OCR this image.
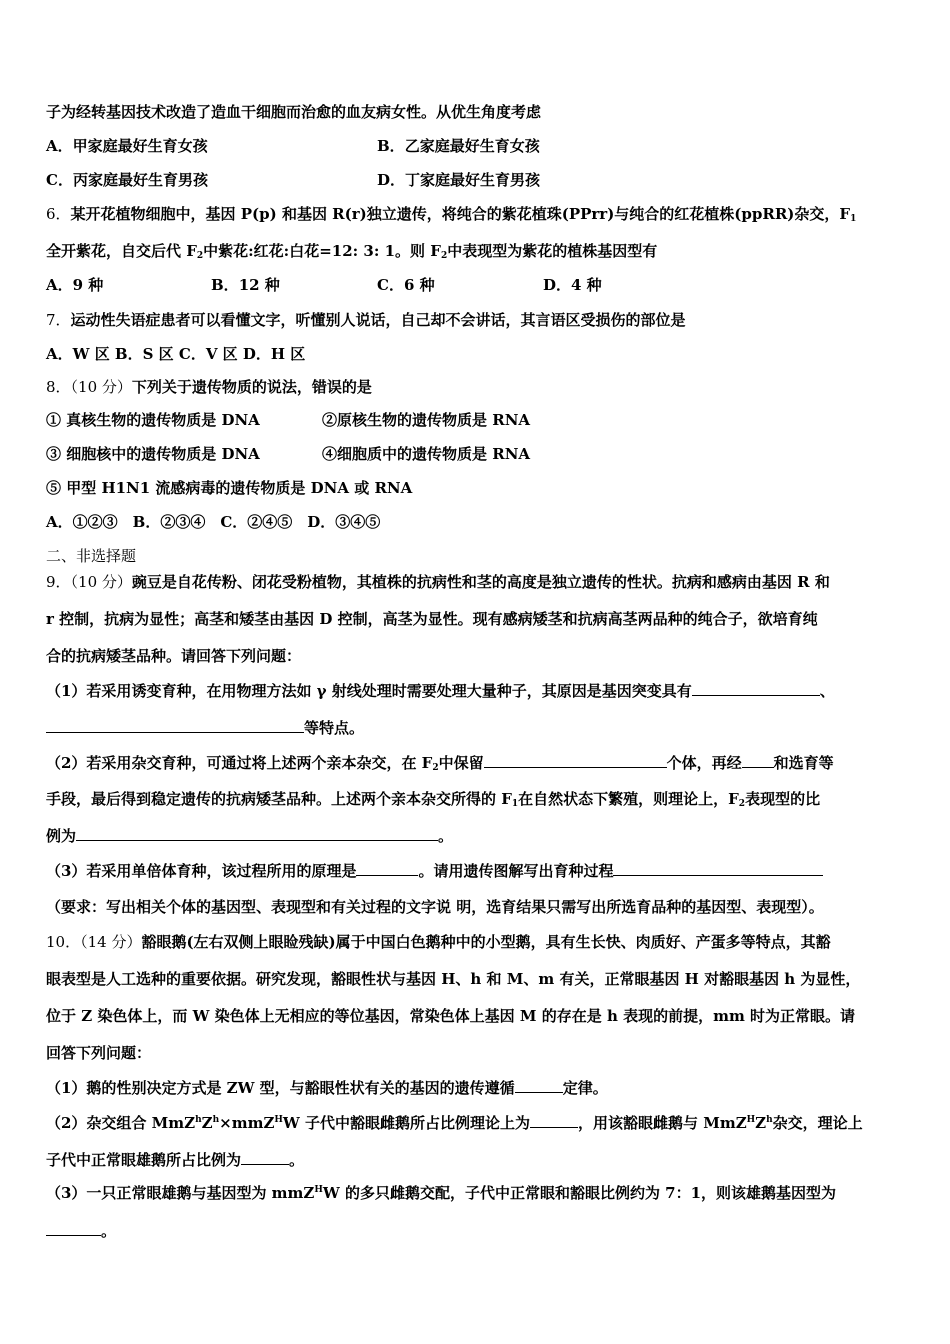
子为经转基因技术改造了造血干细胞而治愈的血友病女性。从优生角度考虑
A．甲家庭最好生育女孩	B．乙家庭最好生育女孩
C．丙家庭最好生育男孩	D．丁家庭最好生育男孩
6．某开花植物细胞中，基因 P(p) 和基因 R(r)独立遗传，将纯合的紫花植珠(PPrr)与纯合的红花植株(ppRR)杂交，$F_1$
全开紫花，自交后代 $F_2$中紫花:红花:白花=12: 3: 1。则 $F_2$中表现型为紫花的植株基因型有
A．9 种	B．12 种	C．6 种	D．4 种
7．运动性失语症患者可以看懂文字，听懂别人说话，自己却不会讲话，其言语区受损伤的部位是
A．W 区 B．S 区 C．V 区 D．H 区
8．（10 分）下列关于遗传物质的说法，错误的是
① 真核生物的遗传物质是 DNA	②原核生物的遗传物质是 RNA
③ 细胞核中的遗传物质是 DNA	④细胞质中的遗传物质是 RNA
⑤ 甲型 H1N1 流感病毒的遗传物质是 DNA 或 RNA
A．①②③　B．②③④　C．②④⑤　D．③④⑤
二、非选择题
9．（10 分）豌豆是自花传粉、闭花受粉植物，其植株的抗病性和茎的高度是独立遗传的性状。抗病和感病由基因 R 和
r 控制，抗病为显性；高茎和矮茎由基因 D 控制，高茎为显性。现有感病矮茎和抗病高茎两品种的纯合子，欲培育纯
合的抗病矮茎品种。请回答下列问题：
（1）若采用诱变育种，在用物理方法如 γ 射线处理时需要处理大量种子，其原因是基因突变具有	、
等特点。
（2）若采用杂交育种，可通过将上述两个亲本杂交，在 $F_2$中保留	个体，再经 和选育等
手段，最后得到稳定遗传的抗病矮茎品种。上述两个亲本杂交所得的 $F_1$在自然状态下繁殖，则理论上，$F_2$表现型的比
例为	。
（3）若采用单倍体育种，该过程所用的原理是	。请用遗传图解写出育种过程
（要求：写出相关个体的基因型、表现型和有关过程的文字说 明，选育结果只需写出所选育品种的基因型、表现型）。
10．（14 分）豁眼鹅(左右双侧上眼睑残缺)属于中国白色鹅种中的小型鹅，具有生长快、肉质好、产蛋多等特点，其豁
眼表型是人工选种的重要依据。研究发现，豁眼性状与基因 H、h 和 M、m 有关，正常眼基因 H 对豁眼基因 h 为显性，
位于 Z 染色体上，而 W 染色体上无相应的等位基因，常染色体上基因 M 的存在是 h 表现的前提，mm 时为正常眼。请
回答下列问题：
（1）鹅的性别决定方式是 ZW 型，与豁眼性状有关的基因的遗传遵循	定律。
（2）杂交组合 $MmZ^hZ^h\times mmZ^HW$ 子代中豁眼雌鹅所占比例理论上为	，用该豁眼雌鹅与 $MmZ^HZ^h$杂交，理论上
子代中正常眼雄鹅所占比例为	。
（3）一只正常眼雄鹅与基因型为 mmZ$^H$W 的多只雌鹅交配，子代中正常眼和豁眼比例约为 7：1，则该雄鹅基因型为
。
